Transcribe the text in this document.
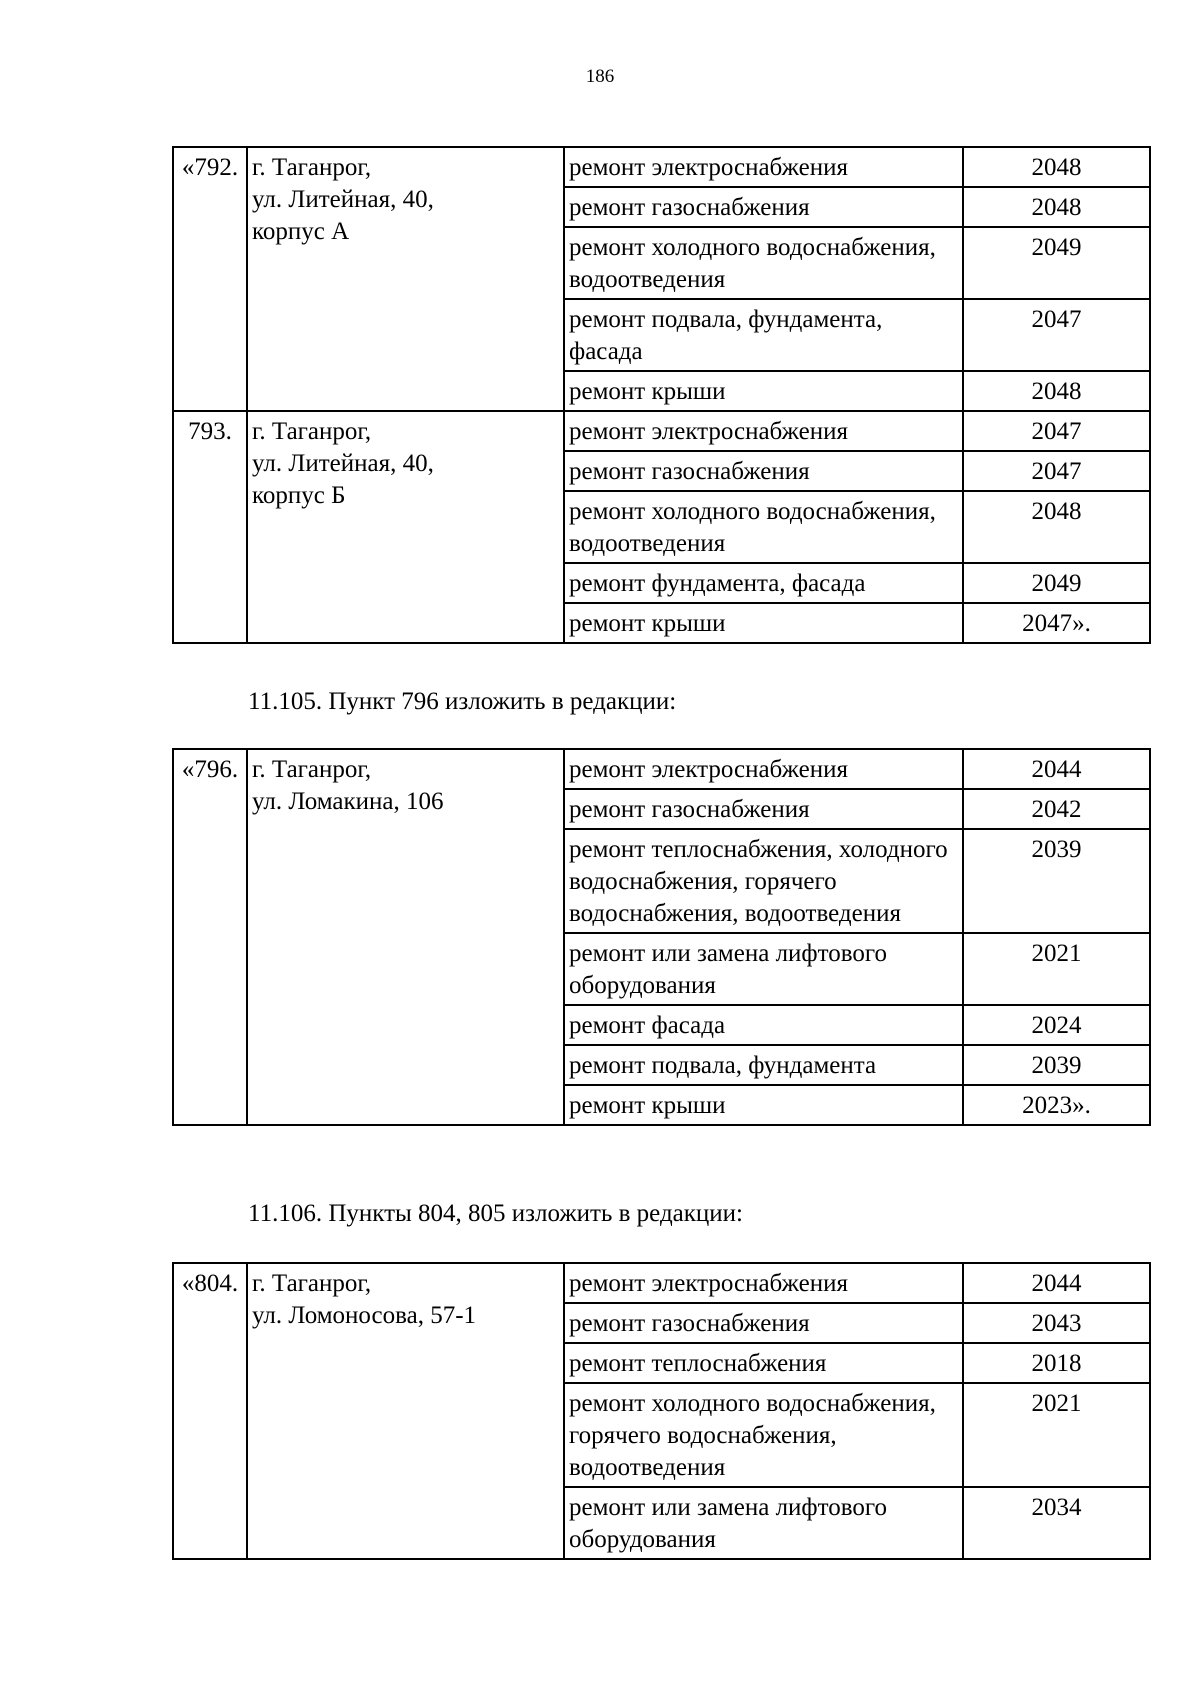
186
«792.	г. Таганрог,
ул. Литейная, 40,
корпус А	ремонт электроснабжения	2048
		ремонт газоснабжения	2048
		ремонт холодного водоснабжения, водоотведения	2049
		ремонт подвала, фундамента, фасада	2047
		ремонт крыши	2048
793.	г. Таганрог,
ул. Литейная, 40,
корпус Б	ремонт электроснабжения	2047
		ремонт газоснабжения	2047
		ремонт холодного водоснабжения, водоотведения	2048
		ремонт фундамента, фасада	2049
		ремонт крыши	2047».
11.105. Пункт 796 изложить в редакции:
«796.	г. Таганрог,
ул. Ломакина, 106	ремонт электроснабжения	2044
		ремонт газоснабжения	2042
		ремонт теплоснабжения, холодного водоснабжения, горячего водоснабжения, водоотведения	2039
		ремонт или замена лифтового оборудования	2021
		ремонт фасада	2024
		ремонт подвала, фундамента	2039
		ремонт крыши	2023».
11.106. Пункты 804, 805 изложить в редакции:
«804.	г. Таганрог,
ул. Ломоносова, 57-1	ремонт электроснабжения	2044
		ремонт газоснабжения	2043
		ремонт теплоснабжения	2018
		ремонт холодного водоснабжения, горячего водоснабжения, водоотведения	2021
		ремонт или замена лифтового оборудования	2034
